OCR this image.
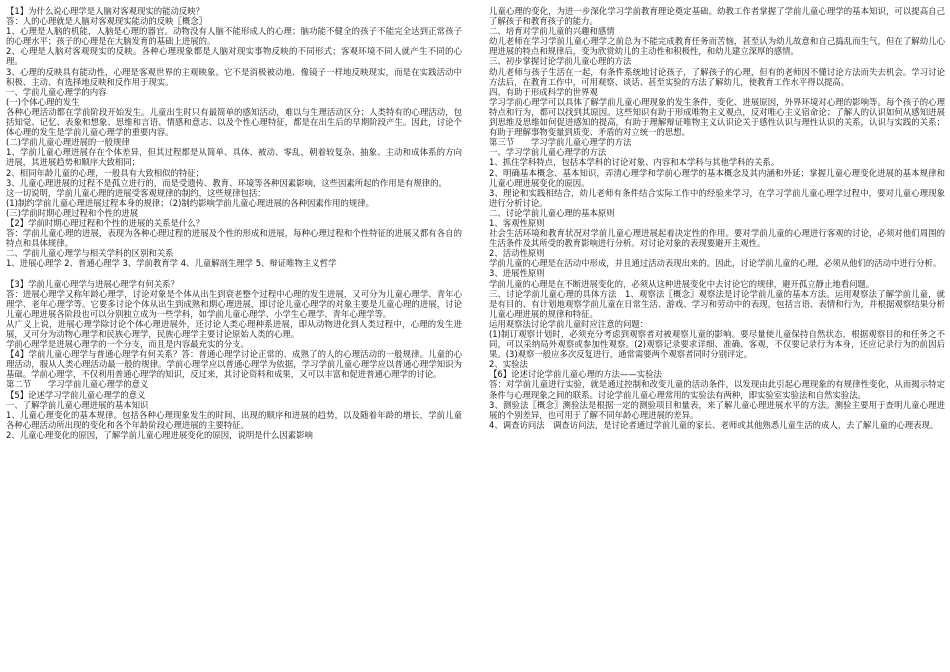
【1】为什么说心理学是人脑对客观现实的能动反映？

答：人的心理就是人脑对客观现实能动的反映〖概念〗

1、心理是人脑的机能，人脑是心理的器官。动物没有人脑不能形成人的心理；脑功能不健全的孩子不能完全达到正常孩子的心理水平；孩子的心理是在大脑发育的基础上进展的。

2、心理是人脑对客观现实的反映。各种心理现象都是人脑对现实事物反映的不同形式；客观环境不同人就产生不同的心理。

3、心理的反映具有能动性，心理是客观世界的主观映象。它不是消极被动地、像镜子一样地反映现实，而是在实践活动中积极、主动、有选择地反映和反作用于现实。

一、学前儿童心理学的内容

(一)个体心理的发生

各种心理活动都在学前阶段开始发生。儿童出生时只有最简单的感知活动，难以与生理活动区分；人类特有的心理活动，包括知觉、记忆、表象和想象、思维和言语、情感和意志、以及个性心理特征，都是在出生后的早期阶段产生。因此，讨论个体心理的发生是学前儿童心理学的重要内容。

(二)学前儿童心理进展的一般规律

1、学前儿童心理进展存在个体差异，但其过程都是从简单、具体、被动、零乱，朝着较复杂、抽象、主动和成体系的方向进展，其进展趋势和顺序大致相同；

2、相同年龄儿童的心理，一般具有大致相似的特征；

3、儿童心理进展的过程不是孤立进行的，而是受遗传、教育、环境等各种因素影响，这些因素所起的作用是有规律的。

这一切说明，学前儿童心理的进展受客观规律的制约，这些规律包括：

(1)制约学前儿童心理进展过程本身的规律；（2)制约影响学前儿童心理进展的各种因素作用的规律。

(三)学前时期心理过程和个性的进展

【2】学前时期心理过程和个性的进展的关系是什么？

答：学前儿童心理的进展，表现为各种心理过程的进展及个性的形成和进展，每种心理过程和个性特征的进展又都有各自的特点和具体规律。

二、学前儿童心理学与相关学科的区别和关系

1、进展心理学 2、普通心理学 3、学前教育学 4、儿童解剖生理学 5、辩证唯物主义哲学

【3】学前儿童心理学与进展心理学有何关系？

答：进展心理学又称年龄心理学，讨论对象是个体从出生到衰老整个过程中心理的发生进展，又可分为儿童心理学、青年心理学、老年心理学等。它要多讨论个体从出生到成熟和期心理进展，即讨论儿童心理学的对象主要是儿童心理的进展，讨论儿童心理进展各阶段也可以分别独立成为一些学科，如学前儿童心理学、小学生心理学、青年心理学等。

从广义上说，进展心理学除讨论个体心理进展外，还讨论人类心理种系进展，即从动物进化到人类过程中，心理的发生进展，又可分为动物心理学和民族心理学，民族心理学主要讨论原始人类的心理。

学前心理学是进展心理学的一个分支，而且是内容最充实的分支。

【4】学前儿童心理学与普通心理学有何关系？答：普通心理学讨论正常的、成熟了的人的心理活动的一般规律。儿童的心理活动，服从人类心理活动最一般的规律。学前心理学应以普通心理学为依据，学习学前儿童心理学应以普通心理学知识为基础。学前心理学，不仅利用普通心理学的知识，反过来，其讨论资料和成果，又可以丰富和促进普通心理学的讨论。

第二节　　学习学前儿童心理学的意义

【5】论述学习学前儿童心理学的意义

一、了解学前儿童心理进展的基本知识

1、儿童心理变化的基本规律。包括各种心理现象发生的时间、出现的顺序和进展的趋势，以及随着年龄的增长，学前儿童各种心理活动所出现的变化和各个年龄阶段心理进展的主要特征。

2、儿童心理变化的原因，了解学前儿童心理进展变化的原因，说明是什么因素影响

儿童心理的变化，为进一步深化学习学前教育理论奠定基础。幼教工作者掌握了学前儿童心理学的基本知识，可以提高自己了解孩子和教育孩子的能力。

二、培育对学前儿童的兴趣和感情

幼儿老师在学习学前儿童心理学之前总为不能完成教育任务而苦恼，甚至认为幼儿故意和自己捣乱而生气，但在了解幼儿心理进展的特点和规律后，变为欣赏幼儿的主动性和积极性，和幼儿建立深厚的感情。

三、初步掌握讨论学前儿童心理的方法

幼儿老师与孩子生活在一起，有条件系统地讨论孩子，了解孩子的心理，但有的老师因不懂讨论方法而失去机会。学习讨论方法后，在教育工作中，可用观察、谈话、甚至实验的方法了解幼儿，使教育工作水平得以提高。

四、有助于形成科学的世界观

学习学前心理学可以具体了解学前儿童心理现象的发生条件，变化、进展原因，外界环境对心理的影响等。每个孩子的心理特点和行为，都可以找到其原因。这些知识有助于形成唯物主义观点，反对唯心主义宿命论；了解人的认识如何从感知进展到思维及思维如何促进感知的提高，有助于理解辩证唯物主义认识论关于感性认识与理性认识的关系，认识与实践的关系；有助于理解事物变量到质变、矛盾的对立统一的思想。

第三节　　学习学前儿童心理学的方法

一、学习学前儿童心理学的方法

1、抓住学科特点，包括本学科的讨论对象、内容和本学科与其他学科的关系。

2、明确基本概念、基本知识，弄清心理学和学前心理学的基本概念及其内涵和外延；掌握儿童心理变化进展的基本规律和儿童心理进展变化的原因。

3、理论和实践相结合，幼儿老师有条件结合实际工作中的经验来学习，在学习学前儿童心理学过程中，要对儿童心理现象进行分析讨论。

二、讨论学前儿童心理的基本原则

1、客观性原则

社会生活环境和教育状况对学前儿童心理进展起着决定性的作用。要对学前儿童的心理进行客观的讨论，必须对他们周围的生活条件及其所受的教育影响进行分析。对讨论对象的表现要避开主观性。

2、活动性原则

学前儿童的心理是在活动中形成，并且通过活动表现出来的。因此，讨论学前儿童的心理，必须从他们的活动中进行分析。

3、进展性原则

学前儿童的心理是在不断进展变化的，必须从这种进展变化中去讨论它的规律，避开孤立静止地看问题。

三、讨论学前儿童心理的具体方法　1、观察法〖概念〗观察法是讨论学前儿童的基本方法。运用观察法了解学前儿童，就是有目的、有计划地观察学前儿童在日常生活、游戏、学习和劳动中的表现，包括言语、表情和行为，并根据观察结果分析儿童心理进展的规律和特征。

运用观察法讨论学前儿童时应注意的问题：

(1)制订观察计划时，必须充分考虑到观察者对被观察儿童的影响。要尽量使儿童保持自然状态，根据观察目的和任务之不同，可以采纳局外观察或参加性观察。(2)观察记录要求详细、准确、客观，不仅要记录行为本身，还应记录行为的前因后果。(3)观察一般应多次反复进行，通常需要两个观察者同时分别评定。

2、实验法

【6】论述讨论学前儿童心理的方法——实验法

答：对学前儿童进行实验，就是通过控制和改变儿童的活动条件，以发现由此引起心理现象的有规律性变化，从而揭示特定条件与心理现象之间的联系。讨论学前儿童心理常用的实验法有两种，即实验室实验法和自然实验法。

3、测验法〖概念〗测验法是根据一定的测验项目和量表，来了解儿童心理进展水平的方法。测验主要用于查明儿童心理进展的个别差异，也可用于了解不同年龄心理进展的差异。

4、调查访问法　调查访问法，是讨论者通过学前儿童的家长、老师或其他熟悉儿童生活的成人，去了解儿童的心理表现。
